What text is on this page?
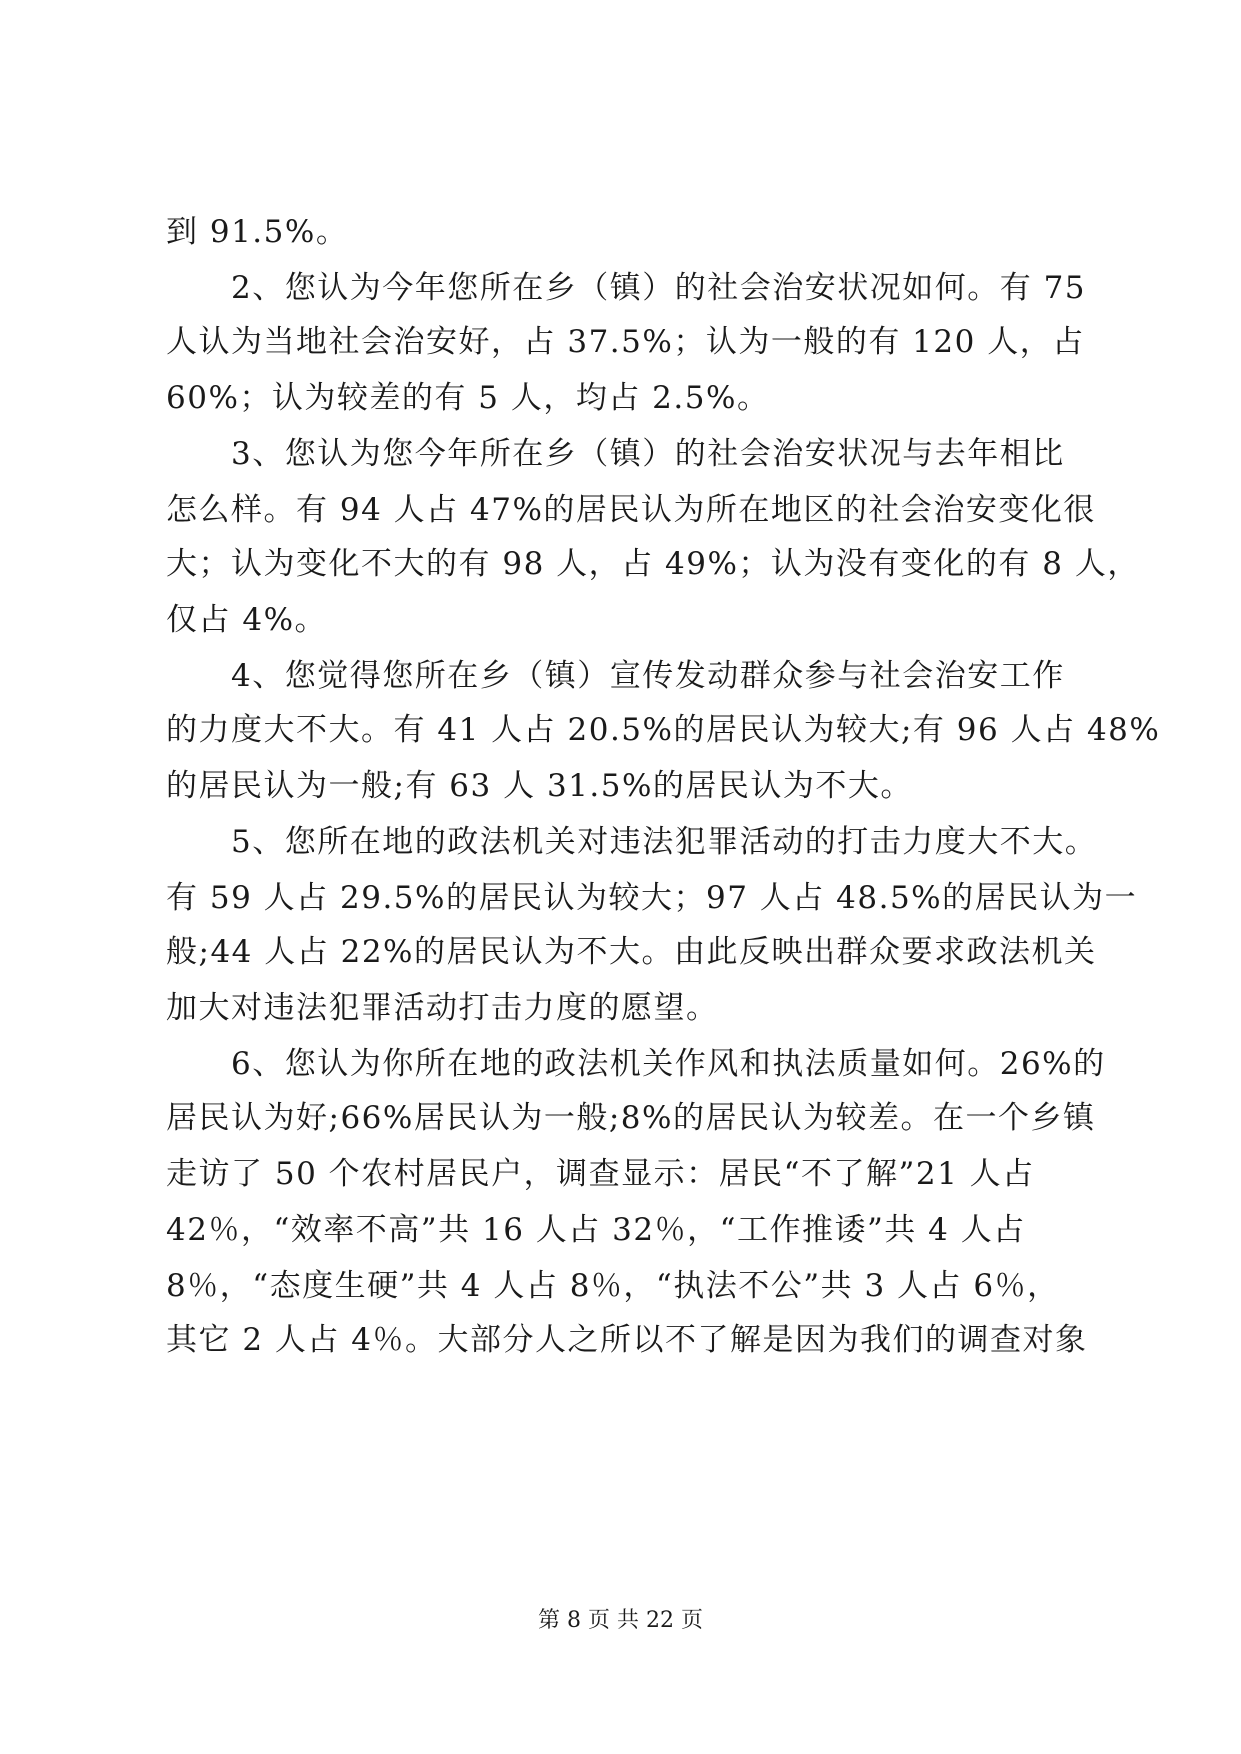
到 91.5%。
　　2、您认为今年您所在乡（镇）的社会治安状况如何。有 75
人认为当地社会治安好，占 37.5%；认为一般的有 120 人，占
60%；认为较差的有 5 人，均占 2.5%。
　　3、您认为您今年所在乡（镇）的社会治安状况与去年相比
怎么样。有 94 人占 47%的居民认为所在地区的社会治安变化很
大；认为变化不大的有 98 人，占 49%；认为没有变化的有 8 人，
仅占 4%。
　　4、您觉得您所在乡（镇）宣传发动群众参与社会治安工作
的力度大不大。有 41 人占 20.5%的居民认为较大;有 96 人占 48%
的居民认为一般;有 63 人 31.5%的居民认为不大。
　　5、您所在地的政法机关对违法犯罪活动的打击力度大不大。
有 59 人占 29.5%的居民认为较大；97 人占 48.5%的居民认为一
般;44 人占 22%的居民认为不大。由此反映出群众要求政法机关
加大对违法犯罪活动打击力度的愿望。
　　6、您认为你所在地的政法机关作风和执法质量如何。26%的
居民认为好;66%居民认为一般;8%的居民认为较差。在一个乡镇
走访了 50 个农村居民户，调查显示：居民“不了解”21 人占
42％，“效率不高”共 16 人占 32％，“工作推诿”共 4 人占
8％，“态度生硬”共 4 人占 8％，“执法不公”共 3 人占 6％，
其它 2 人占 4％。大部分人之所以不了解是因为我们的调查对象
第 8 页 共 22 页
